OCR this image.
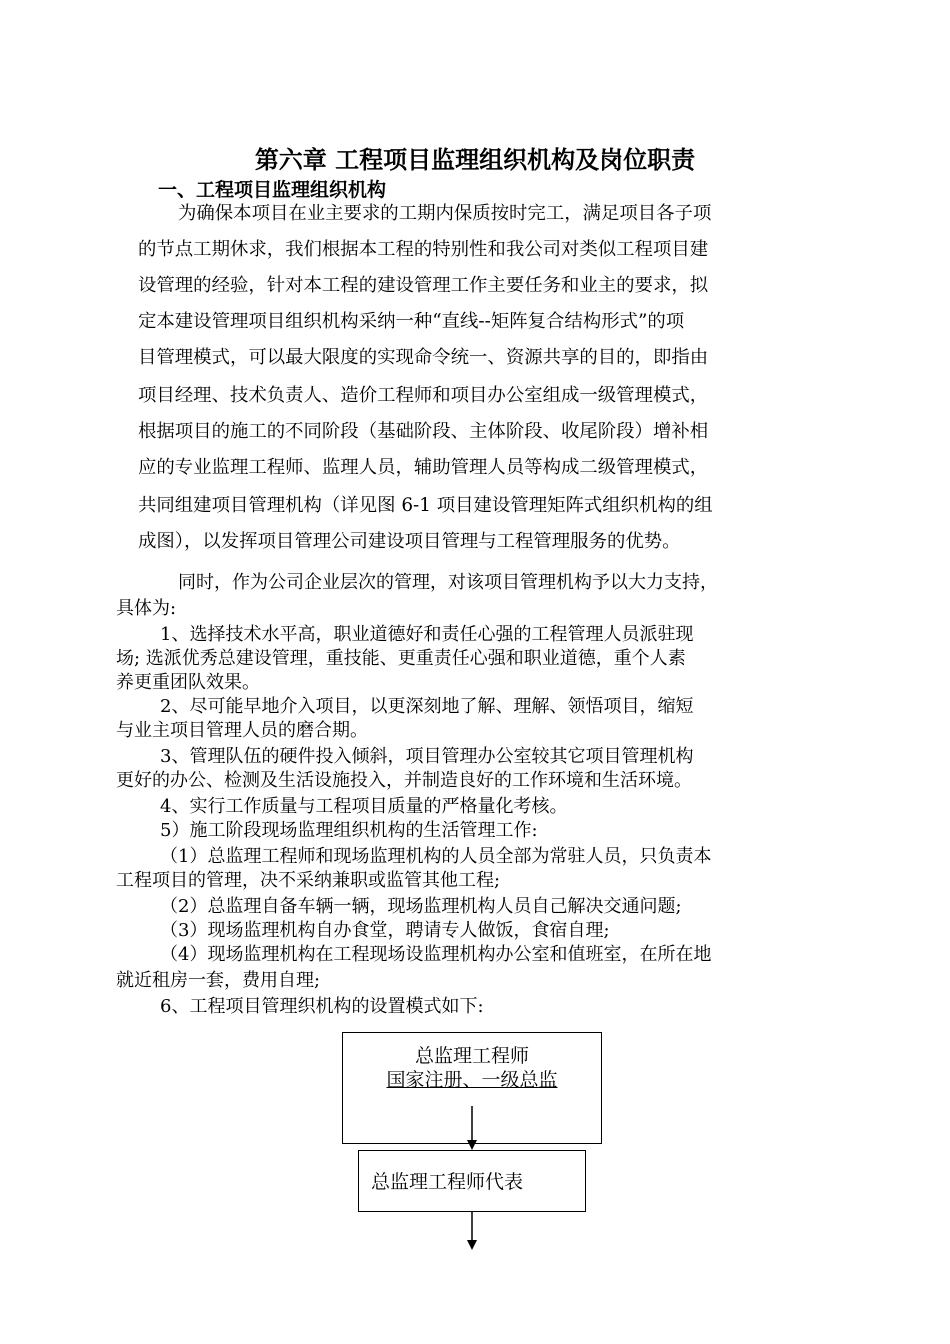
第六章 工程项目监理组织机构及岗位职责
一、工程项目监理组织机构
为确保本项目在业主要求的工期内保质按时完工，满足项目各子项
的节点工期休求，我们根据本工程的特别性和我公司对类似工程项目建
设管理的经验，针对本工程的建设管理工作主要任务和业主的要求，拟
定本建设管理项目组织机构采纳一种“直线--矩阵复合结构形式”的项
目管理模式，可以最大限度的实现命令统一、资源共享的目的，即指由
项目经理、技术负责人、造价工程师和项目办公室组成一级管理模式，
根据项目的施工的不同阶段（基础阶段、主体阶段、收尾阶段）增补相
应的专业监理工程师、监理人员，辅助管理人员等构成二级管理模式，
共同组建项目管理机构（详见图 6-1 项目建设管理矩阵式组织机构的组
成图），以发挥项目管理公司建设项目管理与工程管理服务的优势。
同时，作为公司企业层次的管理，对该项目管理机构予以大力支持，
具体为:
1、选择技术水平高，职业道德好和责任心强的工程管理人员派驻现
场; 选派优秀总建设管理，重技能、更重责任心强和职业道德，重个人素
养更重团队效果。
2、尽可能早地介入项目，以更深刻地了解、理解、领悟项目，缩短
与业主项目管理人员的磨合期。
3、管理队伍的硬件投入倾斜，项目管理办公室较其它项目管理机构
更好的办公、检测及生活设施投入，并制造良好的工作环境和生活环境。
4、实行工作质量与工程项目质量的严格量化考核。
5）施工阶段现场监理组织机构的生活管理工作:
（1）总监理工程师和现场监理机构的人员全部为常驻人员，只负责本
工程项目的管理，决不采纳兼职或监管其他工程;
（2）总监理自备车辆一辆，现场监理机构人员自己解决交通问题;
（3）现场监理机构自办食堂，聘请专人做饭，食宿自理;
（4）现场监理机构在工程现场设监理机构办公室和值班室，在所在地
就近租房一套，费用自理;
6、工程项目管理织机构的设置模式如下:
总监理工程师
国家注册、一级总监
总监理工程师代表
